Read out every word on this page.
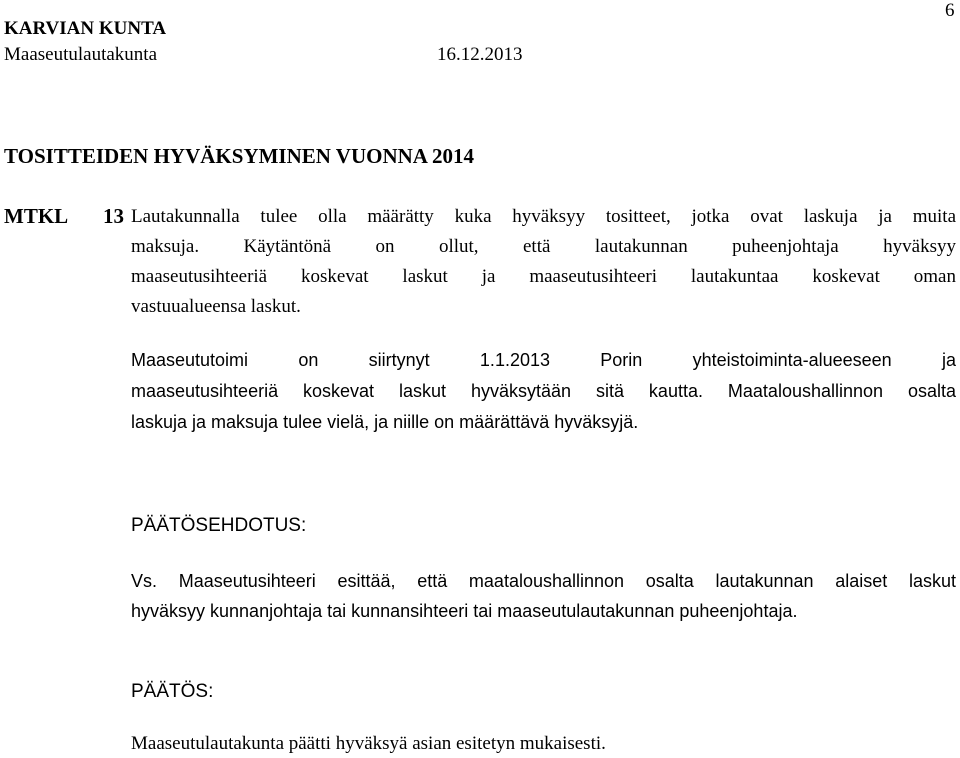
KARVIAN KUNTA
Maaseutulautakunta	16.12.2013
6
TOSITTEIDEN HYVÄKSYMINEN VUONNA 2014
MTKL 13 Lautakunnalla tulee olla määrätty kuka hyväksyy tositteet, jotka ovat laskuja ja muita

maksuja. Käytäntönä on ollut, että lautakunnan puheenjohtaja hyväksyy

maaseutusihteeriä koskevat laskut ja maaseutusihteeri lautakuntaa koskevat oman

vastuualueensa laskut.

Maaseututoimi on siirtynyt 1.1.2013 Porin yhteistoiminta-alueeseen ja

maaseutusihteeriä koskevat laskut hyväksytään sitä kautta. Maataloushallinnon osalta

laskuja ja maksuja tulee vielä, ja niille on määrättävä hyväksyjä.

PÄÄTÖSEHDOTUS:

Vs. Maaseutusihteeri esittää, että maataloushallinnon osalta lautakunnan alaiset laskut

hyväksyy kunnanjohtaja tai kunnansihteeri tai maaseutulautakunnan puheenjohtaja.

PÄÄTÖS:
Maaseutulautakunta päätti hyväksyä asian esitetyn mukaisesti.
